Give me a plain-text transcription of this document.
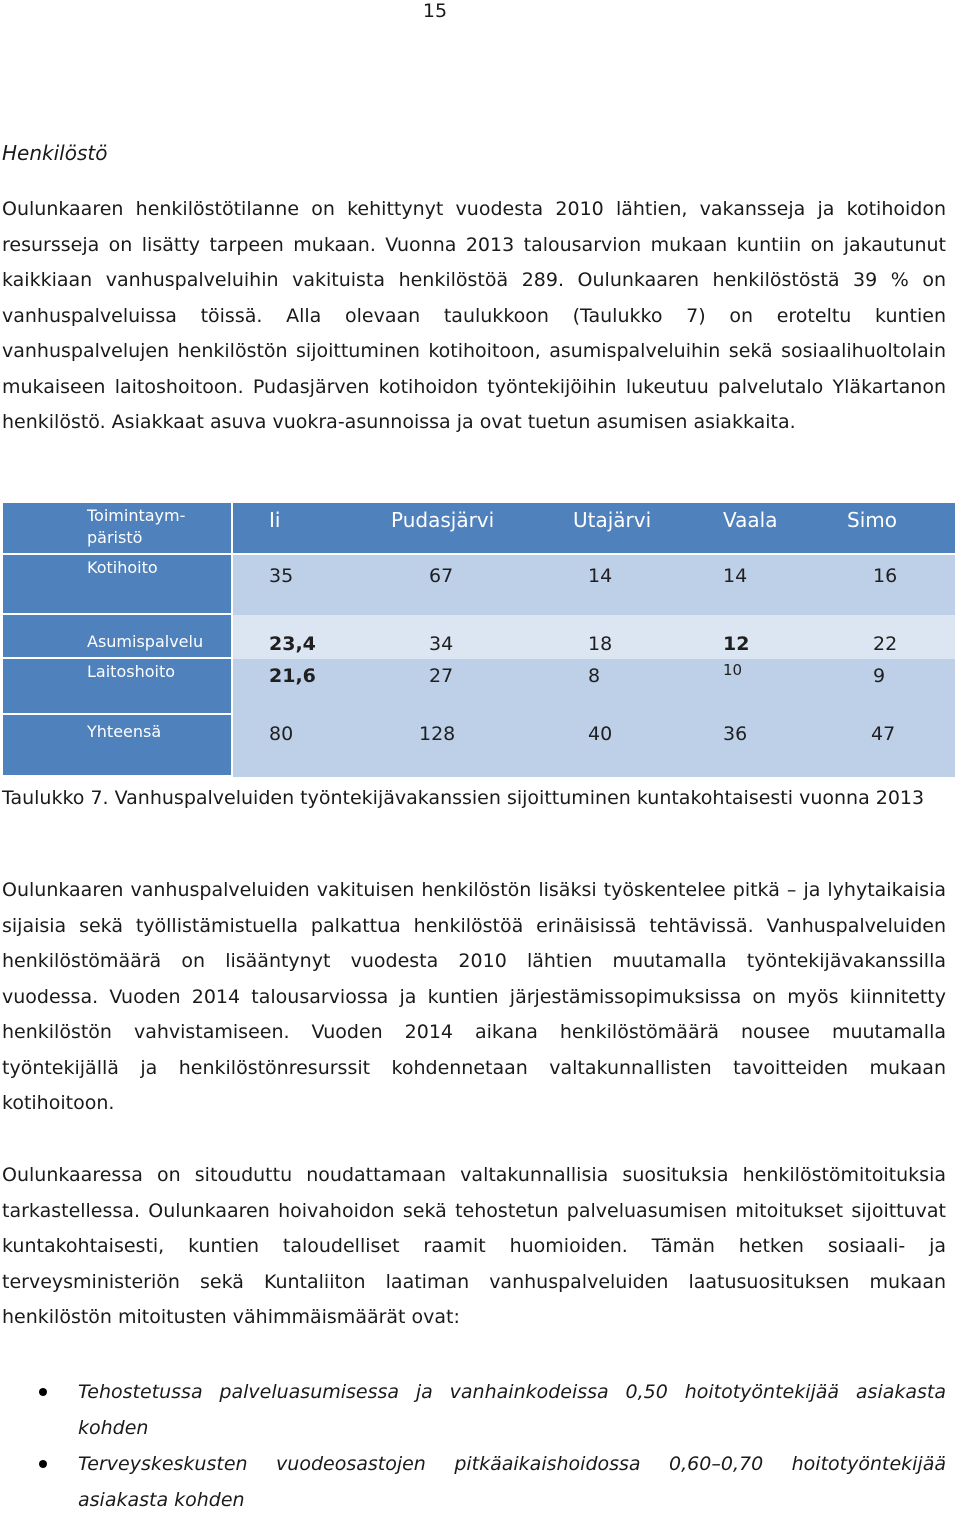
15
Henkilöstö

Oulunkaaren henkilöstötilanne on kehittynyt vuodesta 2010 lähtien, vakansseja ja kotihoidon resursseja on lisätty tarpeen mukaan. Vuonna 2013 talousarvion mukaan kuntiin on jakautunut kaikkiaan vanhuspalveluihin vakituista henkilöstöä 289. Oulunkaaren henkilöstöstä 39 % on vanhuspalveluissa töissä. Alla olevaan taulukkoon (Taulukko 7) on eroteltu kuntien vanhuspalvelujen henkilöstön sijoittuminen kotihoitoon, asumispalveluihin sekä sosiaalihuoltolain mukaiseen laitoshoitoon. Pudasjärven kotihoidon työntekijöihin lukeutuu palvelutalo Yläkartanon henkilöstö. Asiakkaat asuva vuokra-asunnoissa ja ovat tuetun asumisen asiakkaita.

Toimintaym-
päristö	Ii	Pudasjärvi	Utajärvi	Vaala	Simo
Kotihoito	35	67	14	14	16
Asumispalvelu	23,4	34	18	12	22
Laitoshoito	21,6	27	8	10	9
Yhteensä	80	128	40	36	47

Taulukko 7. Vanhuspalveluiden työntekijävakanssien sijoittuminen kuntakohtaisesti vuonna 2013

Oulunkaaren vanhuspalveluiden vakituisen henkilöstön lisäksi työskentelee pitkä – ja lyhytaikaisia sijaisia sekä työllistämistuella palkattua henkilöstöä erinäisissä tehtävissä. Vanhuspalveluiden henkilöstömäärä on lisääntynyt vuodesta 2010 lähtien muutamalla työntekijävakanssilla vuodessa. Vuoden 2014 talousarviossa ja kuntien järjestämissopimuksissa on myös kiinnitetty henkilöstön vahvistamiseen. Vuoden 2014 aikana henkilöstömäärä nousee muutamalla työntekijällä ja henkilöstönresurssit kohdennetaan valtakunnallisten tavoitteiden mukaan kotihoitoon.

Oulunkaaressa on sitouduttu noudattamaan valtakunnallisia suosituksia henkilöstömitoituksia tarkastellessa. Oulunkaaren hoivahoidon sekä tehostetun palveluasumisen mitoitukset sijoittuvat kuntakohtaisesti, kuntien taloudelliset raamit huomioiden. Tämän hetken sosiaali- ja terveysministeriön sekä Kuntaliiton laatiman vanhuspalveluiden laatusuosituksen mukaan henkilöstön mitoitusten vähimmäismäärät ovat:

Tehostetussa palveluasumisessa ja vanhainkodeissa 0,50 hoitotyöntekijää asiakasta kohden
Terveyskeskusten vuodeosastojen pitkäaikaishoidossa 0,60–0,70 hoitotyöntekijää asiakasta kohden
